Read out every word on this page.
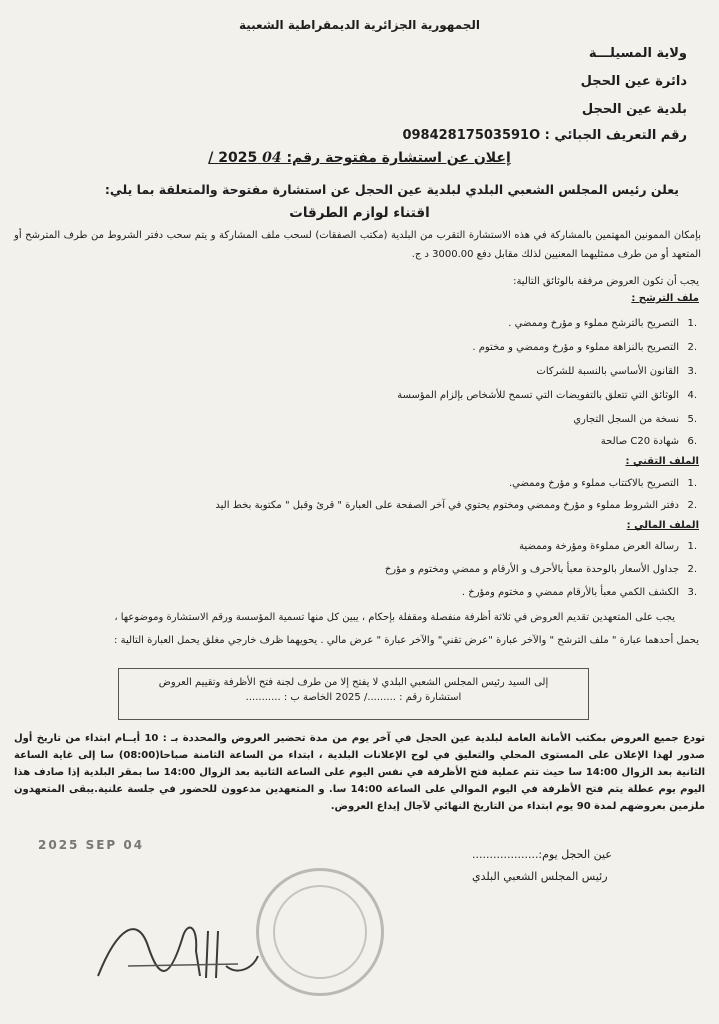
الجمهورية الجزائرية الديمقراطية الشعبية
ولاية المسيلـــة
دائرة عين الحجل
بلدية عين الحجل
رقم التعريف الجبائي : 09842817503591O
إعلان عن استشارة مفتوحة رقم: 04 2025 /
يعلن رئيس المجلس الشعبي البلدي لبلدية عين الحجل عن استشارة مفتوحة والمتعلقة بما يلي:
اقتناء لوازم الطرقات
بإمكان الممونين المهتمين بالمشاركة في هذه الاستشارة التقرب من البلدية (مكتب الصفقات) لسحب ملف المشاركة و يتم سحب دفتر الشروط من طرف المترشح أو المتعهد أو من طرف ممثليهما المعنيين لذلك مقابل دفع 3000.00 د ج.
يجب أن تكون العروض مرفقة بالوثائق التالية:
ملف الترشح :
.1التصريح بالترشح مملوء و مؤرخ وممضي .
.2التصريح بالنزاهة مملوء و مؤرخ وممضي و مختوم .
.3القانون الأساسي بالنسبة للشركات
.4الوثائق التي تتعلق بالتفويضات التي تسمح للأشخاص بإلزام المؤسسة
.5نسخة من السجل التجاري
.6شهادة C20 صالحة
الملف التقني :
.1التصريح بالاكتتاب مملوء و مؤرخ وممضي.
.2دفتر الشروط مملوء و مؤرخ وممضي ومختوم يحتوي في آخر الصفحة على العبارة " قرئ وقبل " مكتوبة بخط اليد
الملف المالي :
.1رسالة العرض مملوءة ومؤرخة وممضية
.2جداول الأسعار بالوحدة معبأ بالأحرف و الأرقام و ممضي ومختوم و مؤرخ
.3الكشف الكمي معبأ بالأرقام ممضي و مختوم ومؤرخ .
يجب على المتعهدين تقديم العروض في ثلاثة أظرفة منفصلة ومقفلة بإحكام ، يبين كل منها تسمية المؤسسة ورقم الاستشارة وموضوعها ،
يحمل أحدهما عبارة " ملف الترشح " والآخر عبارة "عرض تقني" والآخر عبارة " عرض مالي . يحويهما ظرف خارجي مغلق يحمل العبارة التالية :
إلى السيد رئيس المجلس الشعبي البلدي لا يفتح إلا من طرف لجنة فتح الأظرفة وتقييم العروض
استشارة رقم : ........./ 2025 الخاصة ب : ...........
تودع جميع العروض بمكتب الأمانة العامة لبلدية عين الحجل في آخر يوم من مدة تحضير العروض والمحددة بـ : 10 أيــام ابتداء من تاريخ أول صدور لهذا الإعلان على المستوى المحلي والتعليق في لوح الإعلانات البلدية ، ابتداء من الساعة الثامنة صباحا(08:00) سا إلى غاية الساعة الثانية بعد الزوال 14:00 سا حيث تتم عملية فتح الأظرفة في نفس اليوم على الساعة الثانية بعد الزوال 14:00 سا بمقر البلدية إذا صادف هذا اليوم يوم عطلة يتم فتح الأظرفة في اليوم الموالي على الساعة 14:00 سا. و المتعهدين مدعوون للحضور في جلسة علنية.يبقى المتعهدون ملزمين بعروضهم لمدة 90 يوم ابتداء من التاريخ النهائي لآجال إيداع العروض.
2025 SEP 04
عين الحجل يوم:...................
رئيس المجلس الشعبي البلدي
